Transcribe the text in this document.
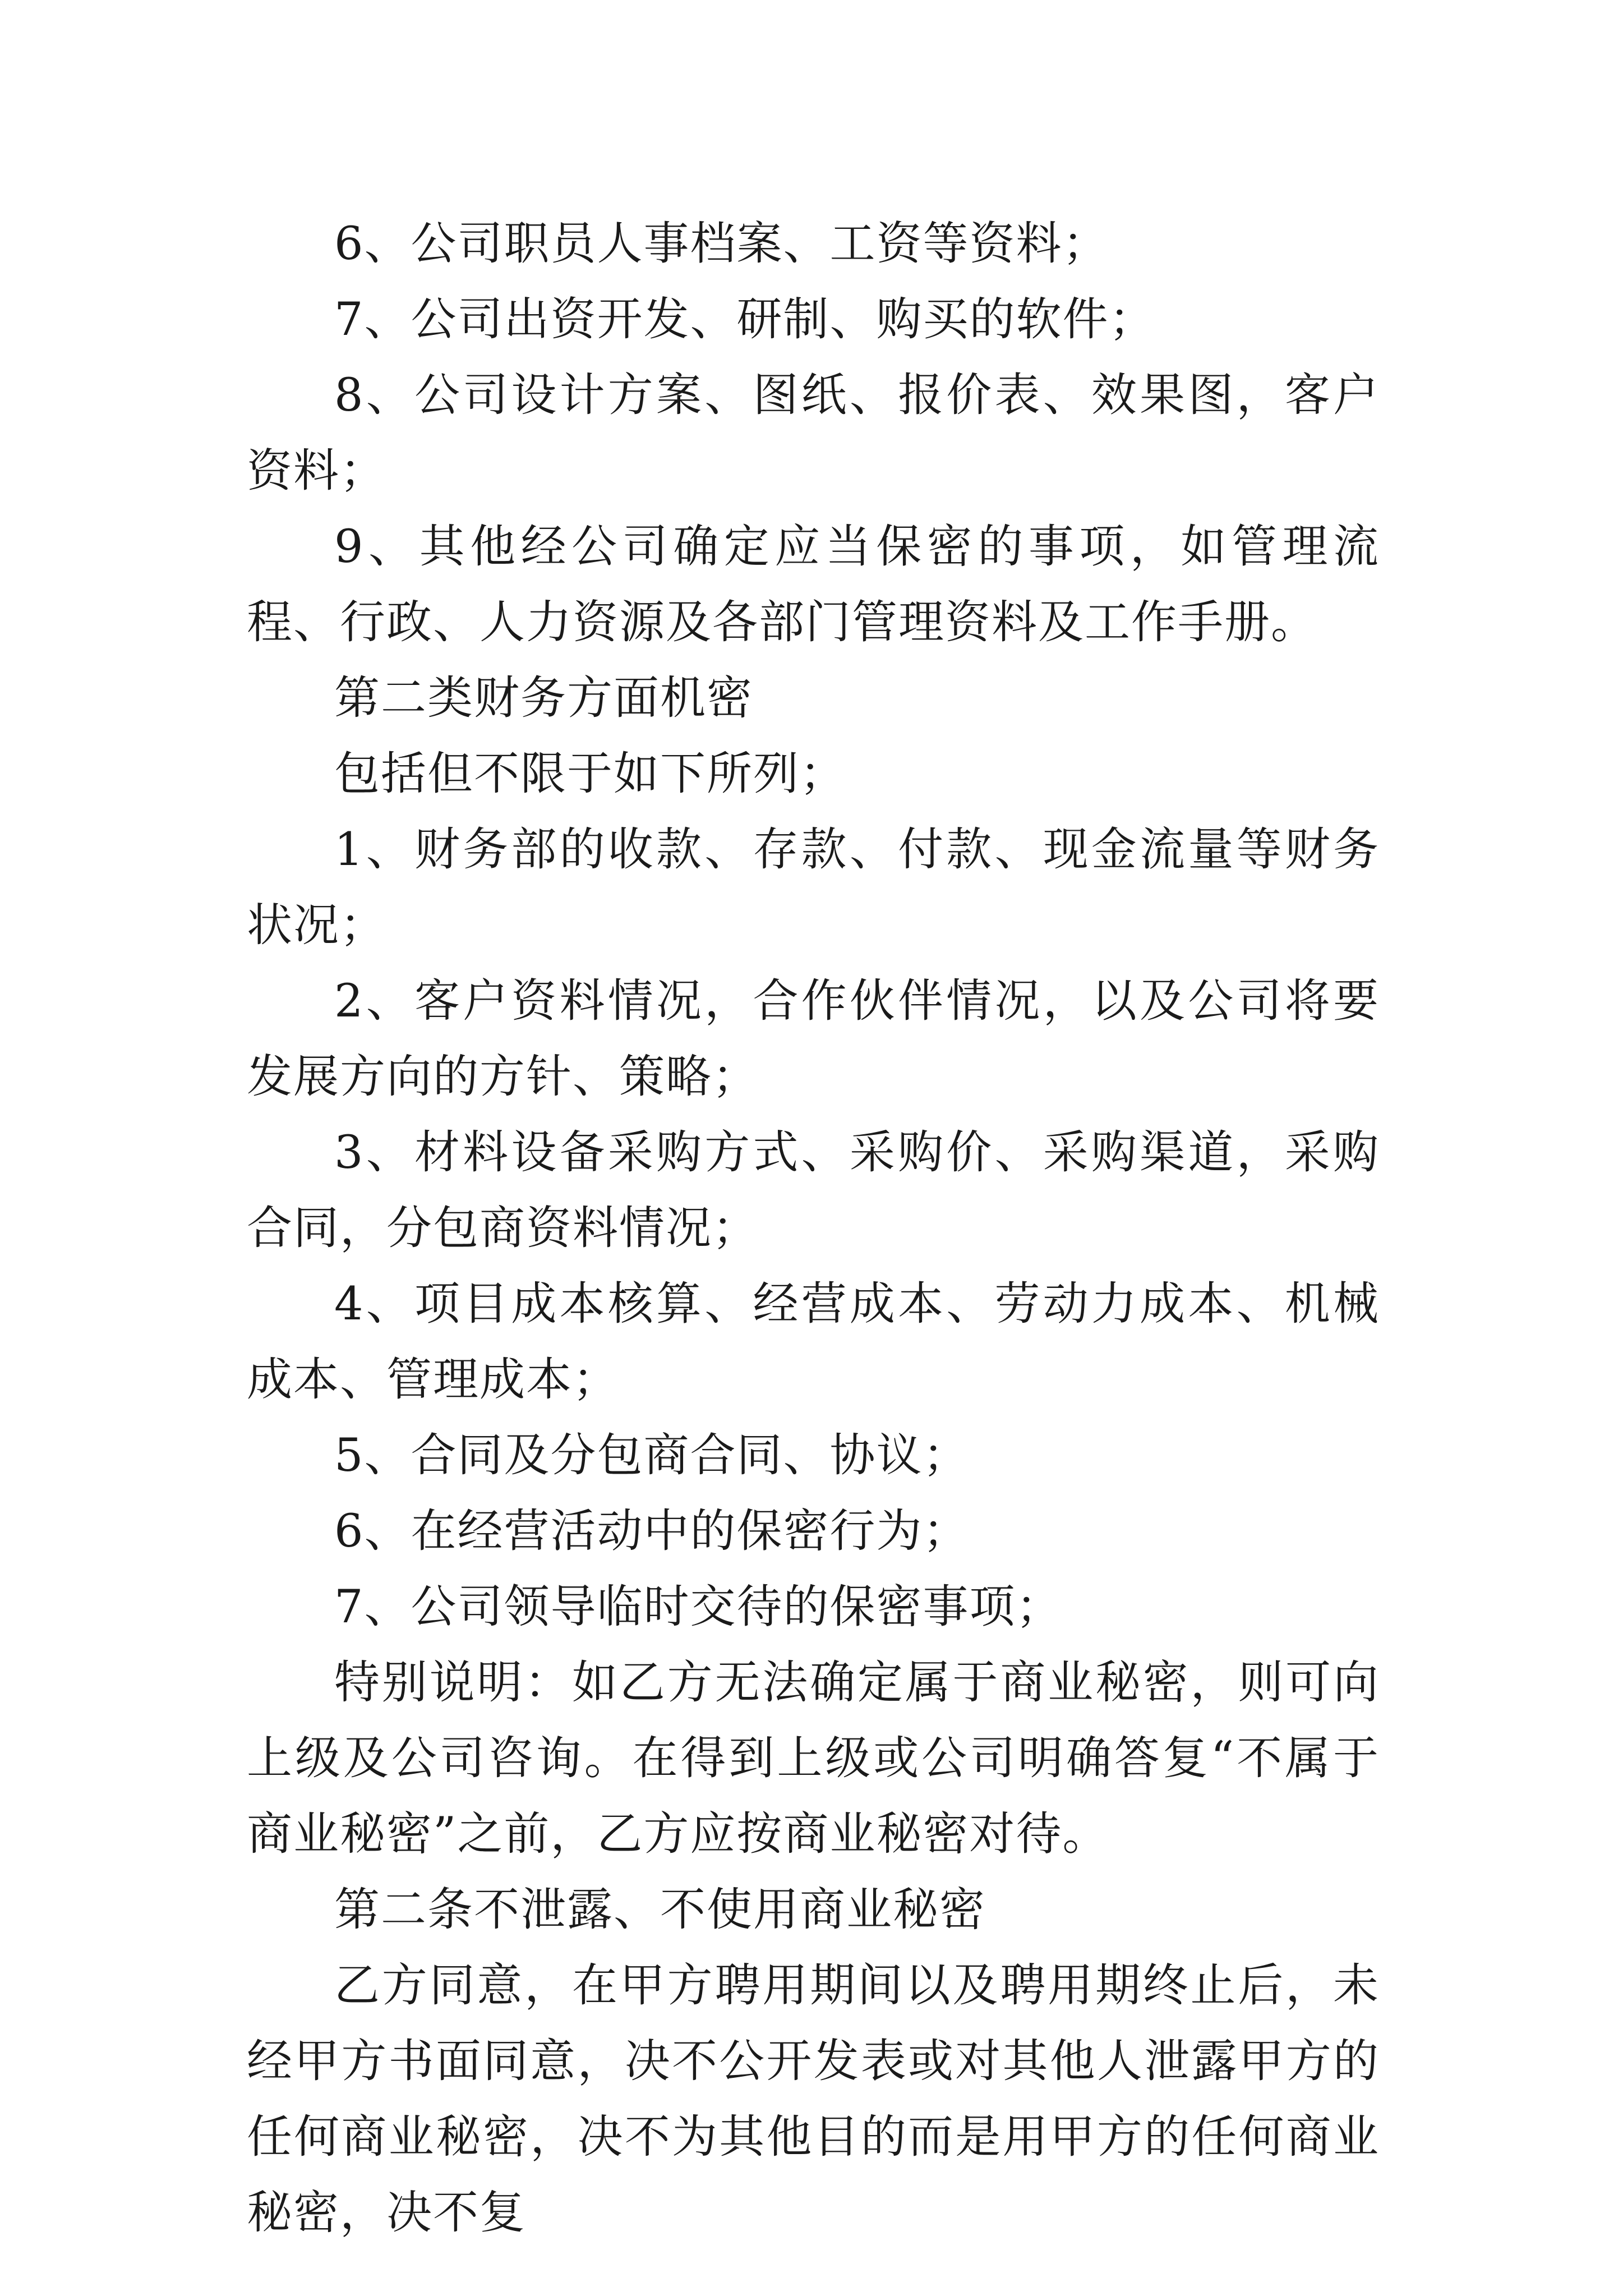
6、公司职员人事档案、工资等资料；

7、公司出资开发、研制、购买的软件；

8、公司设计方案、图纸、报价表、效果图，客户资料；

9、其他经公司确定应当保密的事项，如管理流程、行政、人力资源及各部门管理资料及工作手册。

第二类财务方面机密

包括但不限于如下所列；

1、财务部的收款、存款、付款、现金流量等财务状况；

2、客户资料情况，合作伙伴情况，以及公司将要发展方向的方针、策略；

3、材料设备采购方式、采购价、采购渠道，采购合同，分包商资料情况；

4、项目成本核算、经营成本、劳动力成本、机械成本、管理成本；

5、合同及分包商合同、协议；

6、在经营活动中的保密行为；

7、公司领导临时交待的保密事项；

特别说明：如乙方无法确定属于商业秘密，则可向上级及公司咨询。在得到上级或公司明确答复“不属于商业秘密”之前，乙方应按商业秘密对待。

第二条不泄露、不使用商业秘密

乙方同意，在甲方聘用期间以及聘用期终止后，未经甲方书面同意，决不公开发表或对其他人泄露甲方的任何商业秘密，决不为其他目的而是用甲方的任何商业秘密，决不复
